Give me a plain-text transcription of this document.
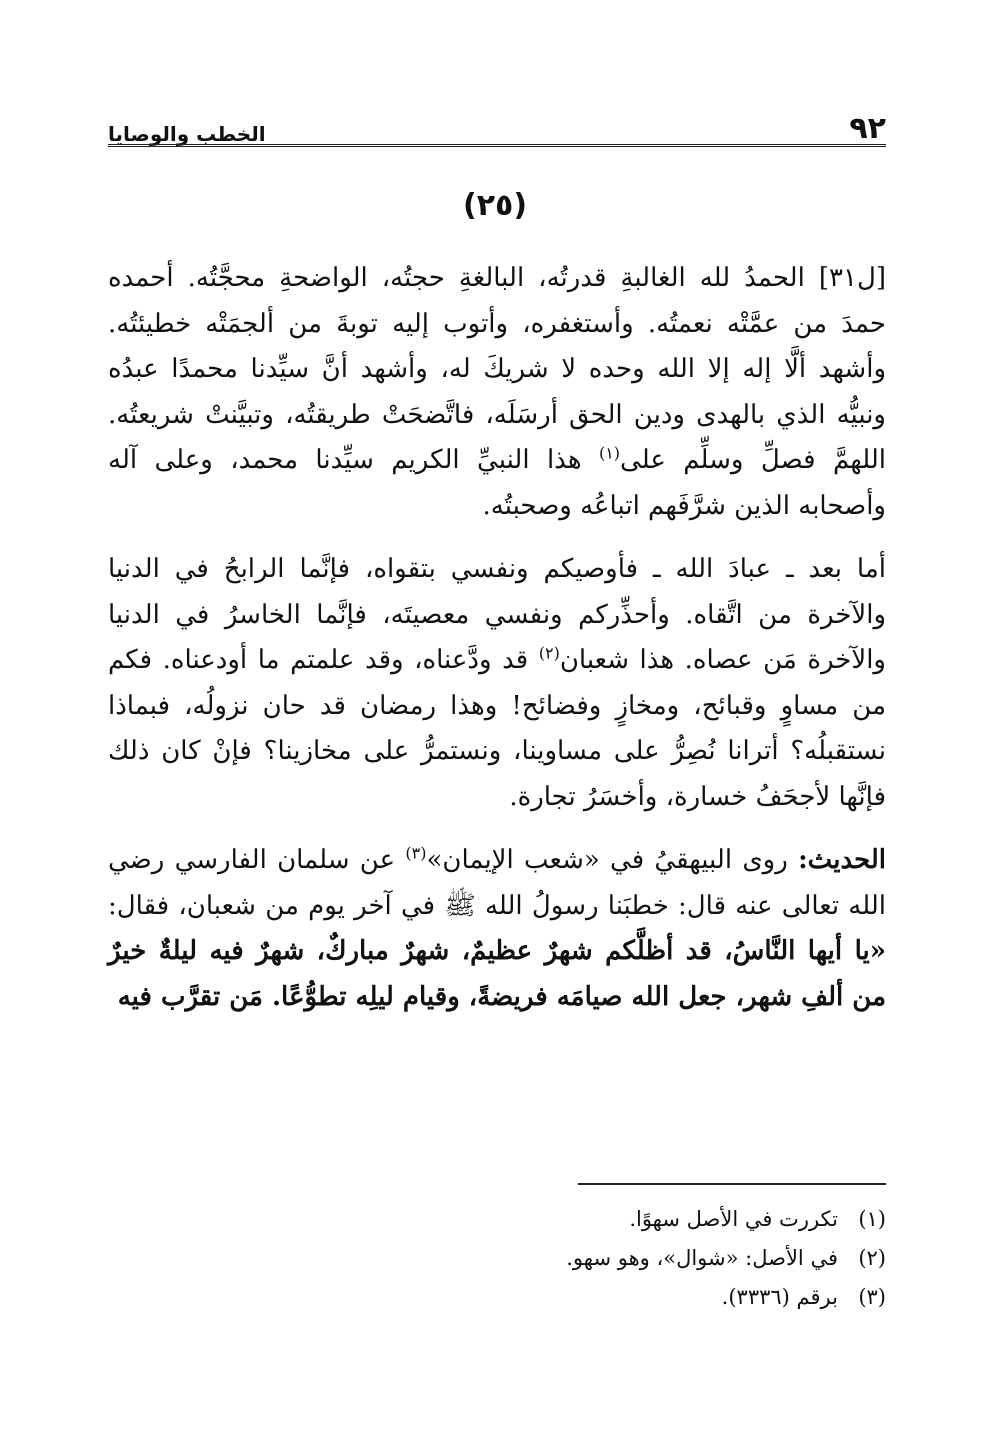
٩٢
الخطب والوصايا
(٢٥)

[ل٣١] الحمدُ لله الغالبةِ قدرتُه، البالغةِ حجتُه، الواضحةِ محجَّتُه. أحمده حمدَ من عمَّتْه نعمتُه. وأستغفره، وأتوب إليه توبةَ من ألجمَتْه خطيئتُه. وأشهد ألَّا إله إلا الله وحده لا شريكَ له، وأشهد أنَّ سيِّدنا محمدًا عبدُه ونبيُّه الذي بالهدى ودين الحق أرسَلَه، فاتَّضحَتْ طريقتُه، وتبيَّنتْ شريعتُه. اللهمَّ فصلِّ وسلِّم على$^{(١)}$ هذا النبيِّ الكريم سيِّدنا محمد، وعلى آله وأصحابه الذين شرَّفَهم اتباعُه وصحبتُه.

أما بعد ـ عبادَ الله ـ فأوصيكم ونفسي بتقواه، فإنَّما الرابحُ في الدنيا والآخرة من اتَّقاه. وأحذِّركم ونفسي معصيتَه، فإنَّما الخاسرُ في الدنيا والآخرة مَن عصاه. هذا شعبان$^{(٢)}$ قد ودَّعناه، وقد علمتم ما أودعناه. فكم من مساوٍ وقبائح، ومخازٍ وفضائح! وهذا رمضان قد حان نزولُه، فبماذا نستقبلُه؟ أترانا نُصِرُّ على مساوينا، ونستمرُّ على مخازينا؟ فإنْ كان ذلك فإنَّها لأجحَفُ خسارة، وأخسَرُ تجارة.

الحديث: روى البيهقيُ في «شعب الإيمان»$^{(٣)}$ عن سلمان الفارسي رضي الله تعالى عنه قال: خطبَنا رسولُ الله ﷺ في آخر يوم من شعبان، فقال: «يا أيها النَّاسُ، قد أظلَّكم شهرٌ عظيمٌ، شهرٌ مباركٌ، شهرٌ فيه ليلةٌ خيرٌ من ألفِ شهر، جعل الله صيامَه فريضةً، وقيام ليلِه تطوُّعًا. مَن تقرَّب فيه

(١)
تكررت في الأصل سهوًا.
(٢)
في الأصل: «شوال»، وهو سهو.
(٣)
برقم (٣٣٣٦).
